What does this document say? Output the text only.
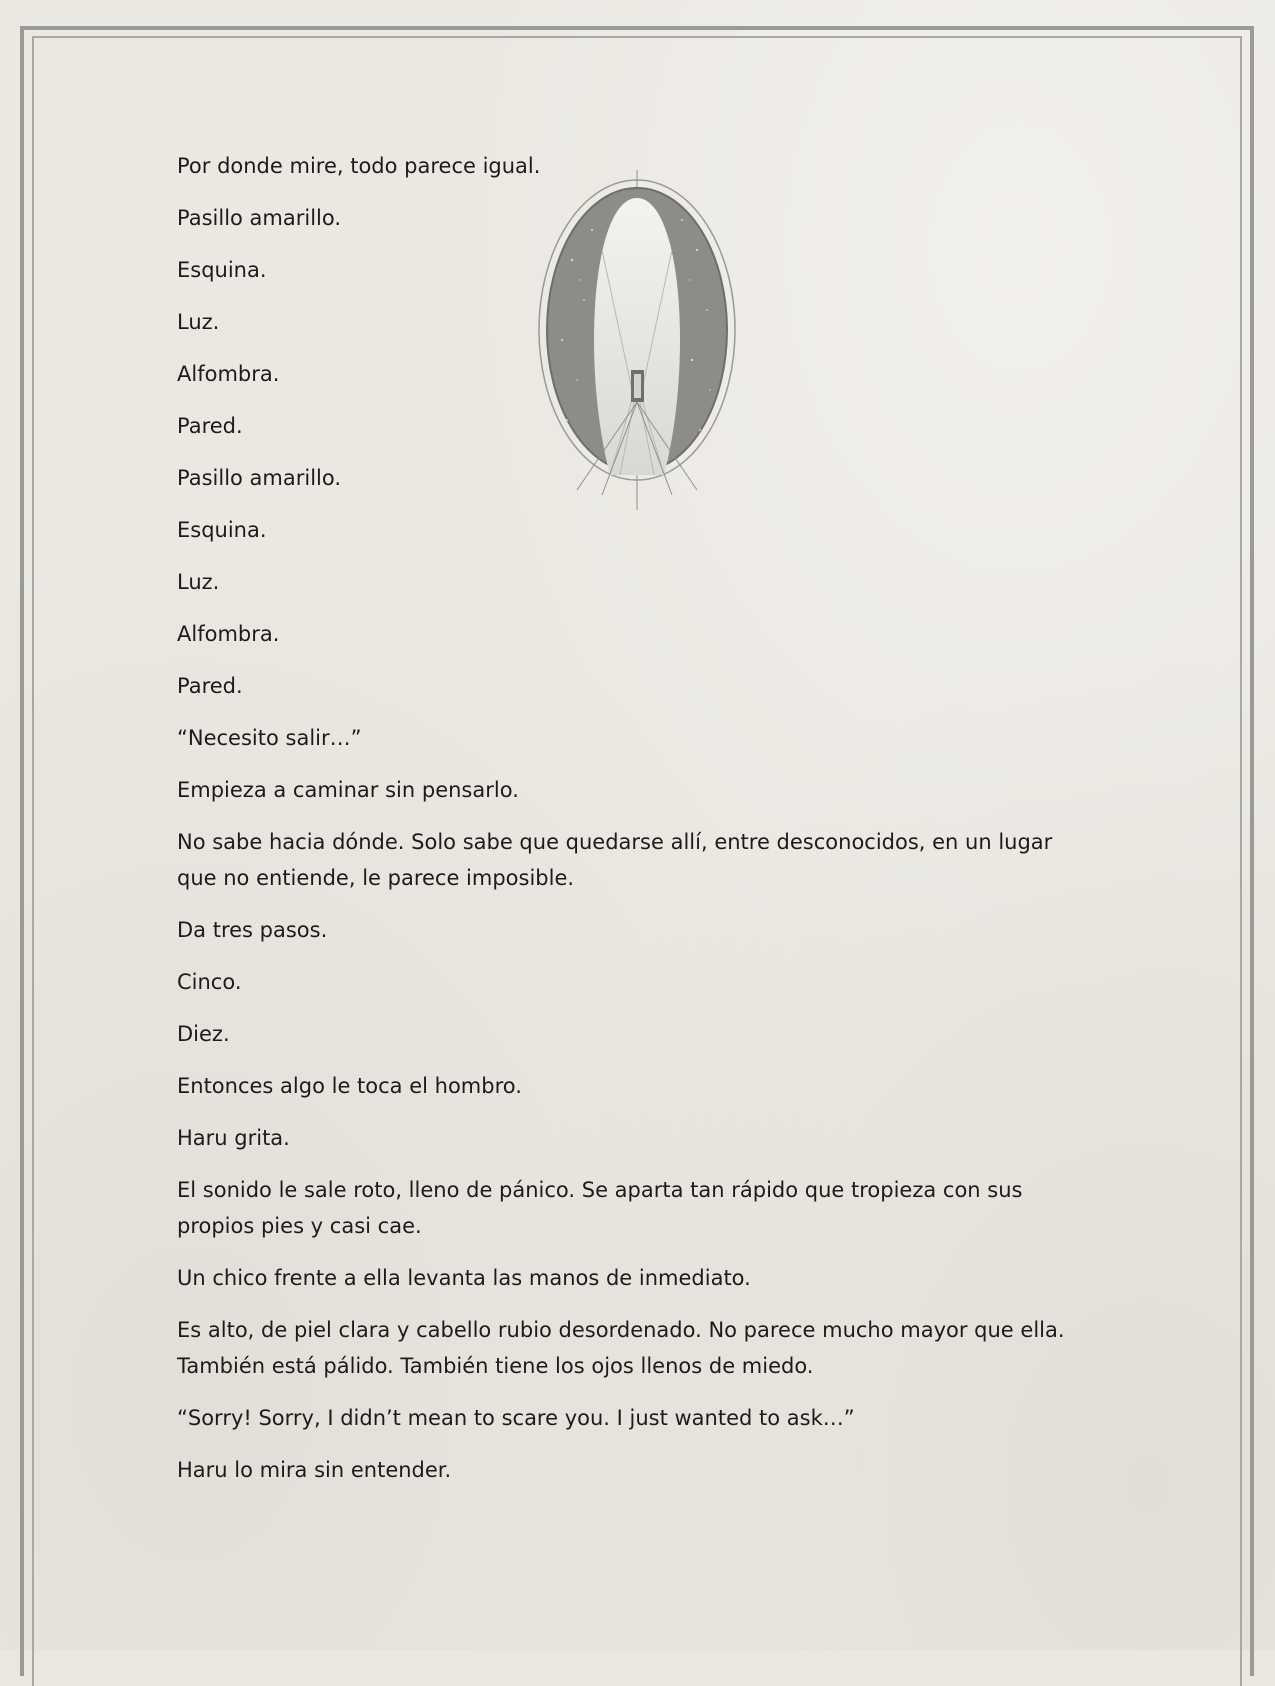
Por donde mire, todo parece igual.

Pasillo amarillo.

Esquina.

Luz.

Alfombra.

Pared.

Pasillo amarillo.

Esquina.

Luz.

Alfombra.

Pared.

“Necesito salir…”

Empieza a caminar sin pensarlo.

No sabe hacia dónde. Solo sabe que quedarse allí, entre desconocidos, en un lugar que no entiende, le parece imposible.

Da tres pasos.

Cinco.

Diez.

Entonces algo le toca el hombro.

Haru grita.

El sonido le sale roto, lleno de pánico. Se aparta tan rápido que tropieza con sus propios pies y casi cae.

Un chico frente a ella levanta las manos de inmediato.

Es alto, de piel clara y cabello rubio desordenado. No parece mucho mayor que ella. También está pálido. También tiene los ojos llenos de miedo.

“Sorry! Sorry, I didn’t mean to scare you. I just wanted to ask…”

Haru lo mira sin entender.
